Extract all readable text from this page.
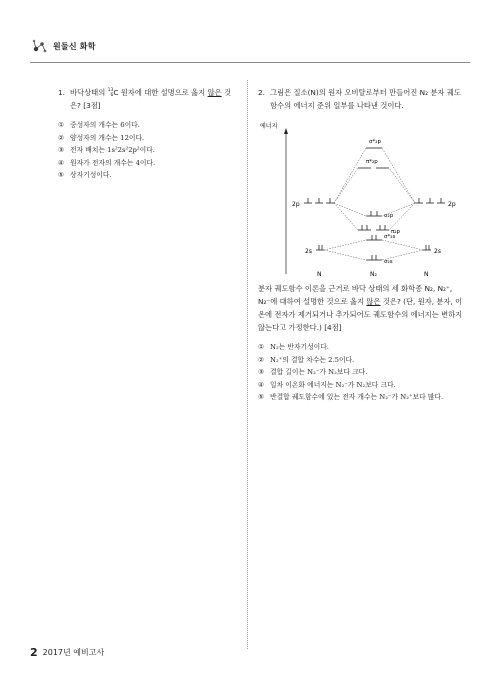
원둘신 화학
1. 바닥상태의 13
6 C 원자에 대한 설명으로 옳지 않은 것은? [3점]
① 중성자의 개수는 6이다.
② 양성자의 개수는 12이다.
③ 전자 배치는 1s²2s²2p²이다.
④ 원자가 전자의 개수는 4이다.
⑤ 상자기성이다.
2. 그림은 질소(N)의 원자 오비탈로부터 만들어진 N₂ 분자 궤도함수의 에너지 준위 일부를 나타낸 것이다.
에너지
2p	2p
σ*₂p
π*₂p
σ₂p
π₂p
2s	2s
σ*₂s
σ₂s
N	N₂	N
분자 궤도함수 이론을 근거로 바닥 상태의 세 화학종 N₂, N₂⁺, N₂⁻에 대하여 설명한 것으로 옳지 않은 것은? (단, 원자, 분자, 이온에 전자가 제거되거나 추가되어도 궤도함수의 에너지는 변하지 않는다고 가정한다.) [4점]
① N₂는 반자기성이다.
② N₂⁺의 결합 차수는 2.5이다.
③ 결합 길이는 N₂⁻가 N₂보다 크다.
④ 일차 이온화 에너지는 N₂⁻가 N₂보다 크다.
⑤ 반결합 궤도함수에 있는 전자 개수는 N₂⁻가 N₂⁺보다 많다.
2 2017년 예비고사
